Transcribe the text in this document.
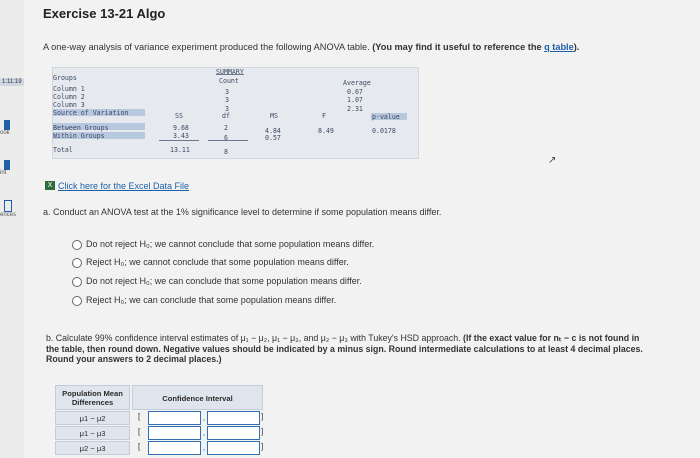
1:11:19
ook
int
ences
Exercise 13-21 Algo
A one-way analysis of variance experiment produced the following ANOVA table. (You may find it useful to reference the q table).
SUMMARY
Groups	Count	Average
Column 1	3	0.67
Column 2	3	1.07
Column 3	3	2.31
Source of Variation	SS	df	MS	F	p-value
Between Groups	9.68	2	4.84	8.49	0.0178
Within Groups	3.43	6	0.57
Total	13.11	8
↗
X Click here for the Excel Data File
a. Conduct an ANOVA test at the 1% significance level to determine if some population means differ.
Do not reject H₀; we cannot conclude that some population means differ.
Reject H₀; we cannot conclude that some population means differ.
Do not reject H₀; we can conclude that some population means differ.
Reject H₀; we can conclude that some population means differ.
b. Calculate 99% confidence interval estimates of μ₁ − μ₂, μ₁ − μ₃, and μ₂ − μ₃ with Tukey's HSD approach. (If the exact value for nₜ − c is not found in the table, then round down. Negative values should be indicated by a minus sign. Round intermediate calculations to at least 4 decimal places. Round your answers to 2 decimal places.)
Population Mean Differences	Confidence Interval
μ1 − μ2	[	,	]
μ1 − μ3	[	,	]
μ2 − μ3	[	,	]
